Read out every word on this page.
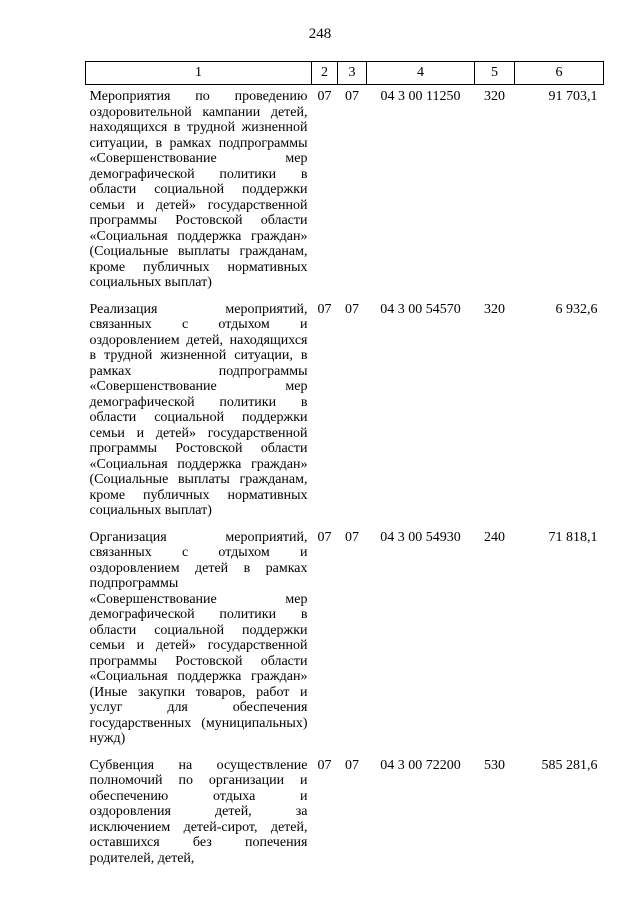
248
1	2	3	4	5	6
Мероприятия по проведению оздоровительной кампании детей, находящихся в трудной жизненной ситуации, в рамках подпрограммы «Совершенствование мер демографической политики в области социальной поддержки семьи и детей» государственной программы Ростовской области «Социальная поддержка граждан» (Социальные выплаты гражданам, кроме публичных нормативных социальных выплат)	07	07	04 3 00 11250	320	91 703,1
Реализация мероприятий, связанных с отдыхом и оздоровлением детей, находящихся в трудной жизненной ситуации, в рамках подпрограммы «Совершенствование мер демографической политики в области социальной поддержки семьи и детей» государственной программы Ростовской области «Социальная поддержка граждан» (Социальные выплаты гражданам, кроме публичных нормативных социальных выплат)	07	07	04 3 00 54570	320	6 932,6
Организация мероприятий, связанных с отдыхом и оздоровлением детей в рамках подпрограммы «Совершенствование мер демографической политики в области социальной поддержки семьи и детей» государственной программы Ростовской области «Социальная поддержка граждан» (Иные закупки товаров, работ и услуг для обеспечения государственных (муниципальных) нужд)	07	07	04 3 00 54930	240	71 818,1
Субвенция на осуществление полномочий по организации и обеспечению отдыха и оздоровления детей, за исключением детей-сирот, детей, оставшихся без попечения родителей, детей,	07	07	04 3 00 72200	530	585 281,6
